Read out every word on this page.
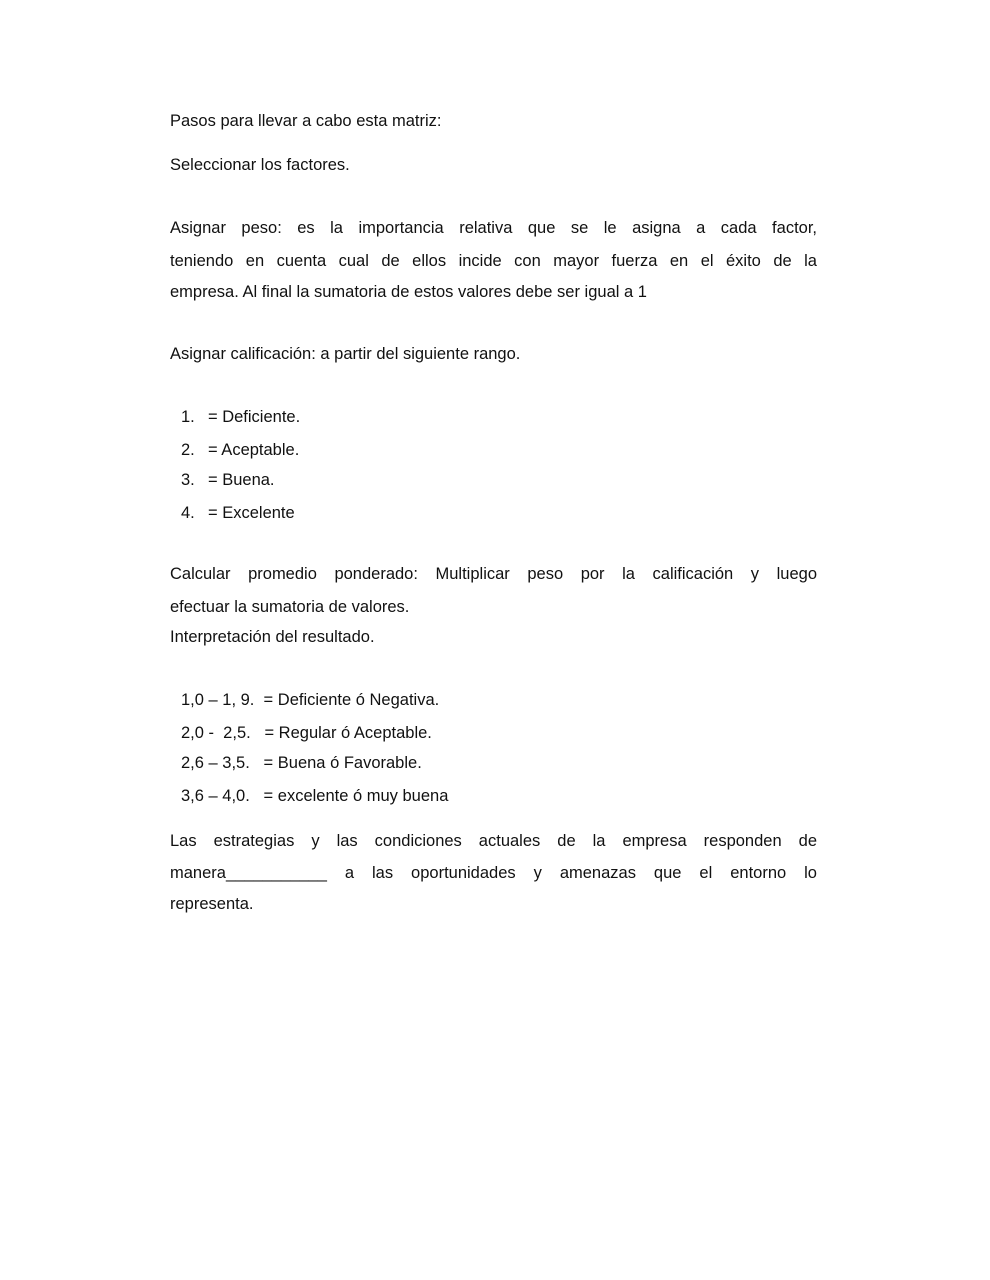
Pasos para llevar a cabo esta matriz:
Seleccionar los factores.
Asignar peso: es la importancia relativa que se le asigna a cada factor,
teniendo en cuenta cual de ellos incide con mayor fuerza en el éxito de la
empresa. Al final la sumatoria de estos valores debe ser igual a 1
Asignar calificación: a partir del siguiente rango.
1. = Deficiente.
2. = Aceptable.
3. = Buena.
4. = Excelente
Calcular promedio ponderado: Multiplicar peso por la calificación y luego
efectuar la sumatoria de valores.
Interpretación del resultado.
1,0 – 1, 9.  = Deficiente ó Negativa.
2,0 -  2,5.   = Regular ó Aceptable.
2,6 – 3,5.   = Buena ó Favorable.
3,6 – 4,0.   = excelente ó muy buena
Las estrategias y las condiciones actuales de la empresa responden de
manera___________ a las oportunidades y amenazas que el entorno lo
representa.
